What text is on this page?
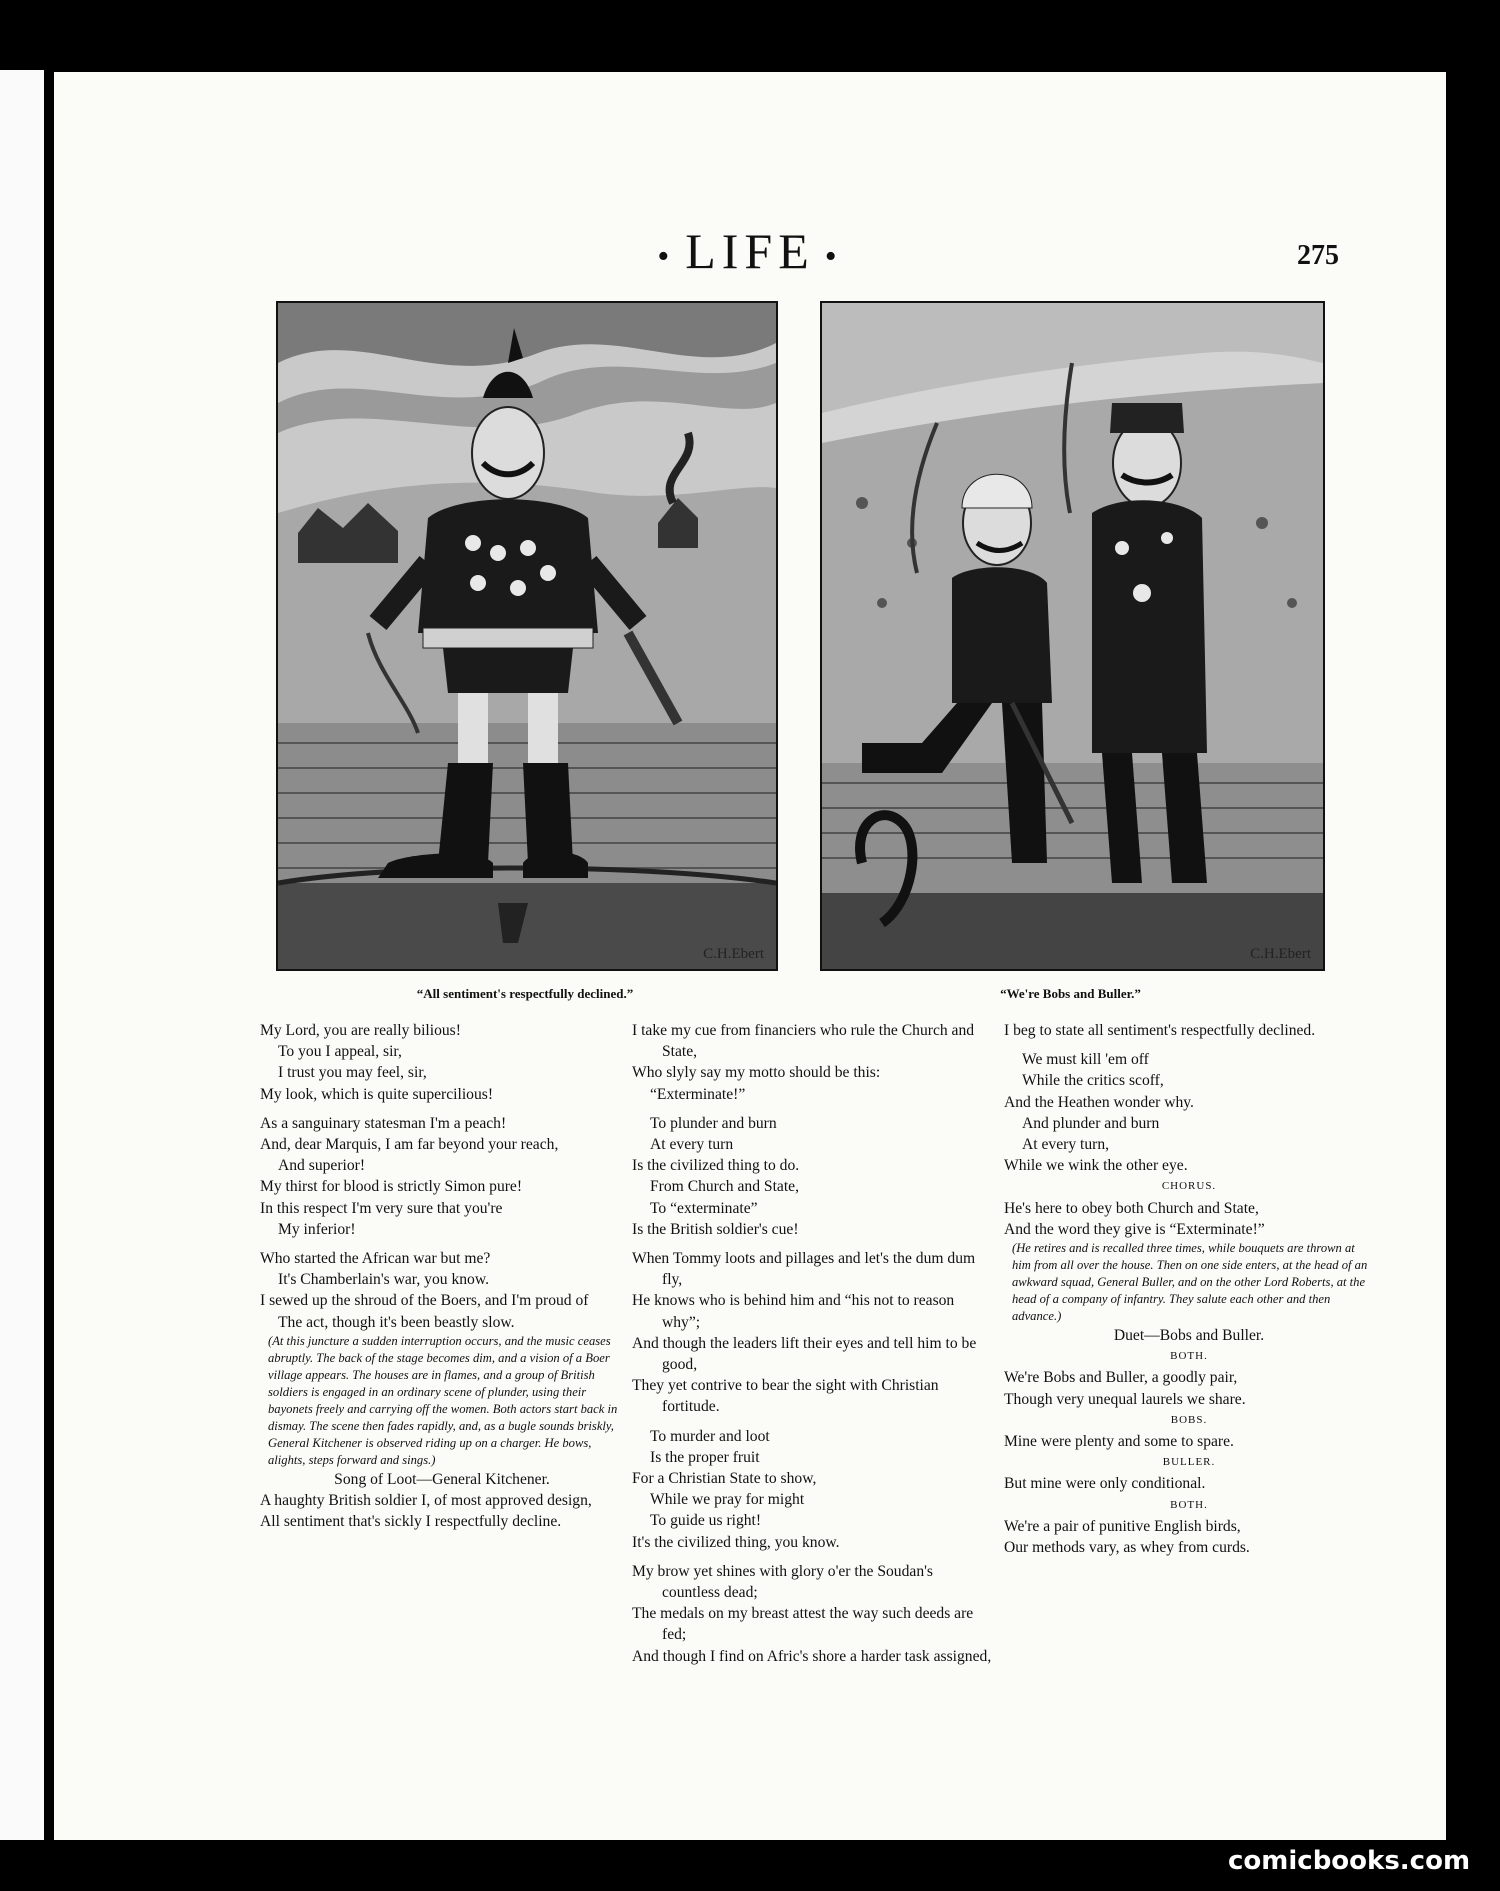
• LIFE •	275
C.H.Ebert
“All sentiment's respectfully declined.”
C.H.Ebert
“We're Bobs and Buller.”

My Lord, you are really bilious!

To you I appeal, sir,

I trust you may feel, sir,

My look, which is quite supercilious!

As a sanguinary statesman I'm a peach!

And, dear Marquis, I am far beyond your reach,

And superior!

My thirst for blood is strictly Simon pure!

In this respect I'm very sure that you're

My inferior!

Who started the African war but me?

It's Chamberlain's war, you know.

I sewed up the shroud of the Boers, and I'm proud of

The act, though it's been beastly slow.

(At this juncture a sudden interruption occurs, and the music ceases abruptly. The back of the stage becomes dim, and a vision of a Boer village appears. The houses are in flames, and a group of British soldiers is engaged in an ordinary scene of plunder, using their bayonets freely and carrying off the women. Both actors start back in dismay. The scene then fades rapidly, and, as a bugle sounds briskly, General Kitchener is observed riding up on a charger. He bows, alights, steps forward and sings.)

Song of Loot—General Kitchener.

A haughty British soldier I, of most approved design,

All sentiment that's sickly I respectfully decline.

I take my cue from financiers who rule the Church and State,

Who slyly say my motto should be this:

“Exterminate!”

To plunder and burn

At every turn

Is the civilized thing to do.

From Church and State,

To “exterminate”

Is the British soldier's cue!

When Tommy loots and pillages and let's the dum dum fly,

He knows who is behind him and “his not to reason why”;

And though the leaders lift their eyes and tell him to be good,

They yet contrive to bear the sight with Christian fortitude.

To murder and loot

Is the proper fruit

For a Christian State to show,

While we pray for might

To guide us right!

It's the civilized thing, you know.

My brow yet shines with glory o'er the Soudan's countless dead;

The medals on my breast attest the way such deeds are fed;

And though I find on Afric's shore a harder task assigned,

I beg to state all sentiment's respectfully declined.

We must kill 'em off

While the critics scoff,

And the Heathen wonder why.

And plunder and burn

At every turn,

While we wink the other eye.

CHORUS.

He's here to obey both Church and State,

And the word they give is “Exterminate!”

(He retires and is recalled three times, while bouquets are thrown at him from all over the house. Then on one side enters, at the head of an awkward squad, General Buller, and on the other Lord Roberts, at the head of a company of infantry. They salute each other and then advance.)

Duet—Bobs and Buller.

BOTH.

We're Bobs and Buller, a goodly pair,

Though very unequal laurels we share.

BOBS.

Mine were plenty and some to spare.

BULLER.

But mine were only conditional.

BOTH.

We're a pair of punitive English birds,

Our methods vary, as whey from curds.

comicbooks.com
